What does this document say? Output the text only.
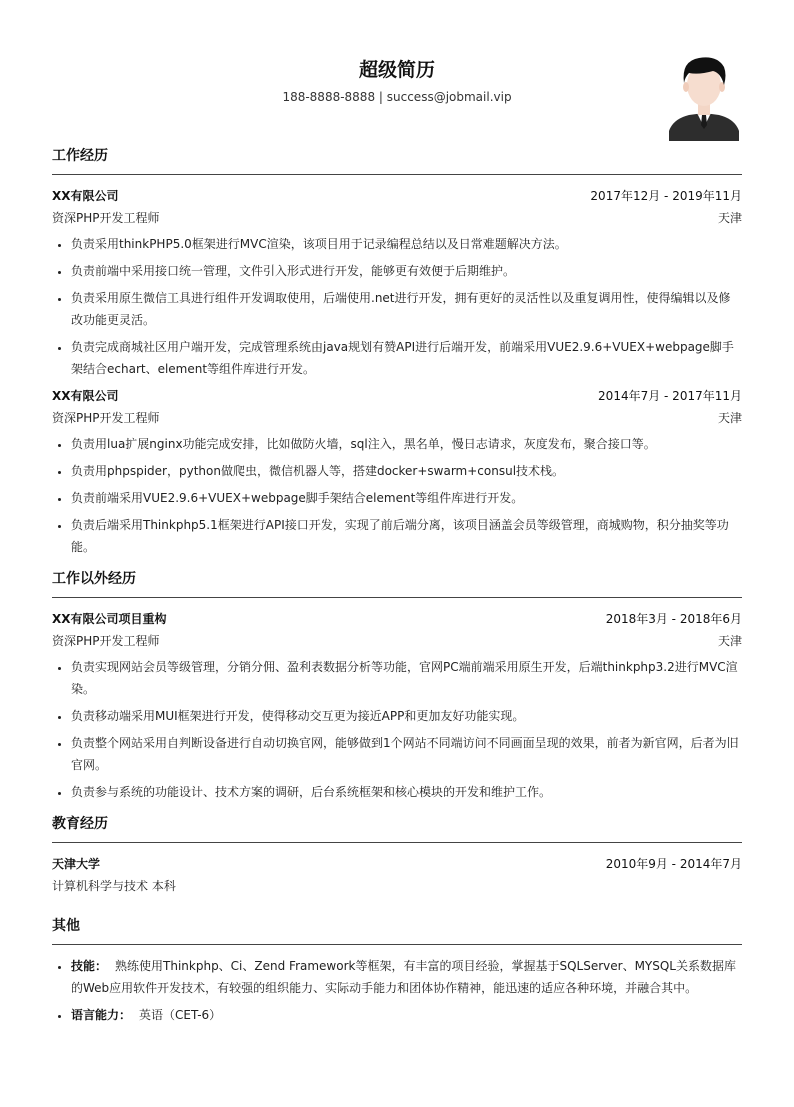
超级简历
188-8888-8888 | success@jobmail.vip
工作经历
XX有限公司	2017年12月 - 2019年11月
资深PHP开发工程师	天津
• 负责采用thinkPHP5.0框架进行MVC渲染，该项目用于记录编程总结以及日常难题解决方法。
• 负责前端中采用接口统一管理，文件引入形式进行开发，能够更有效便于后期维护。
• 负责采用原生微信工具进行组件开发调取使用，后端使用.net进行开发，拥有更好的灵活性以及重复调用性，使得编辑以及修改功能更灵活。
• 负责完成商城社区用户端开发，完成管理系统由java规划有赞API进行后端开发，前端采用VUE2.9.6+VUEX+webpage脚手架结合echart、element等组件库进行开发。
XX有限公司	2014年7月 - 2017年11月
资深PHP开发工程师	天津
• 负责用lua扩展nginx功能完成安排，比如做防火墙，sql注入，黑名单，慢日志请求，灰度发布，聚合接口等。
• 负责用phpspider，python做爬虫，微信机器人等，搭建docker+swarm+consul技术栈。
• 负责前端采用VUE2.9.6+VUEX+webpage脚手架结合element等组件库进行开发。
• 负责后端采用Thinkphp5.1框架进行API接口开发，实现了前后端分离，该项目涵盖会员等级管理，商城购物，积分抽奖等功能。
工作以外经历
XX有限公司项目重构	2018年3月 - 2018年6月
资深PHP开发工程师	天津
• 负责实现网站会员等级管理，分销分佣、盈利表数据分析等功能，官网PC端前端采用原生开发，后端thinkphp3.2进行MVC渲染。
• 负责移动端采用MUI框架进行开发，使得移动交互更为接近APP和更加友好功能实现。
• 负责整个网站采用自判断设备进行自动切换官网，能够做到1个网站不同端访问不同画面呈现的效果，前者为新官网，后者为旧官网。
• 负责参与系统的功能设计、技术方案的调研，后台系统框架和核心模块的开发和维护工作。
教育经历
天津大学	2010年9月 - 2014年7月
计算机科学与技术 本科
其他
• 技能： 熟练使用Thinkphp、Ci、Zend Framework等框架，有丰富的项目经验，掌握基于SQLServer、MYSQL关系数据库的Web应用软件开发技术，有较强的组织能力、实际动手能力和团体协作精神，能迅速的适应各种环境，并融合其中。
• 语言能力： 英语（CET-6）
